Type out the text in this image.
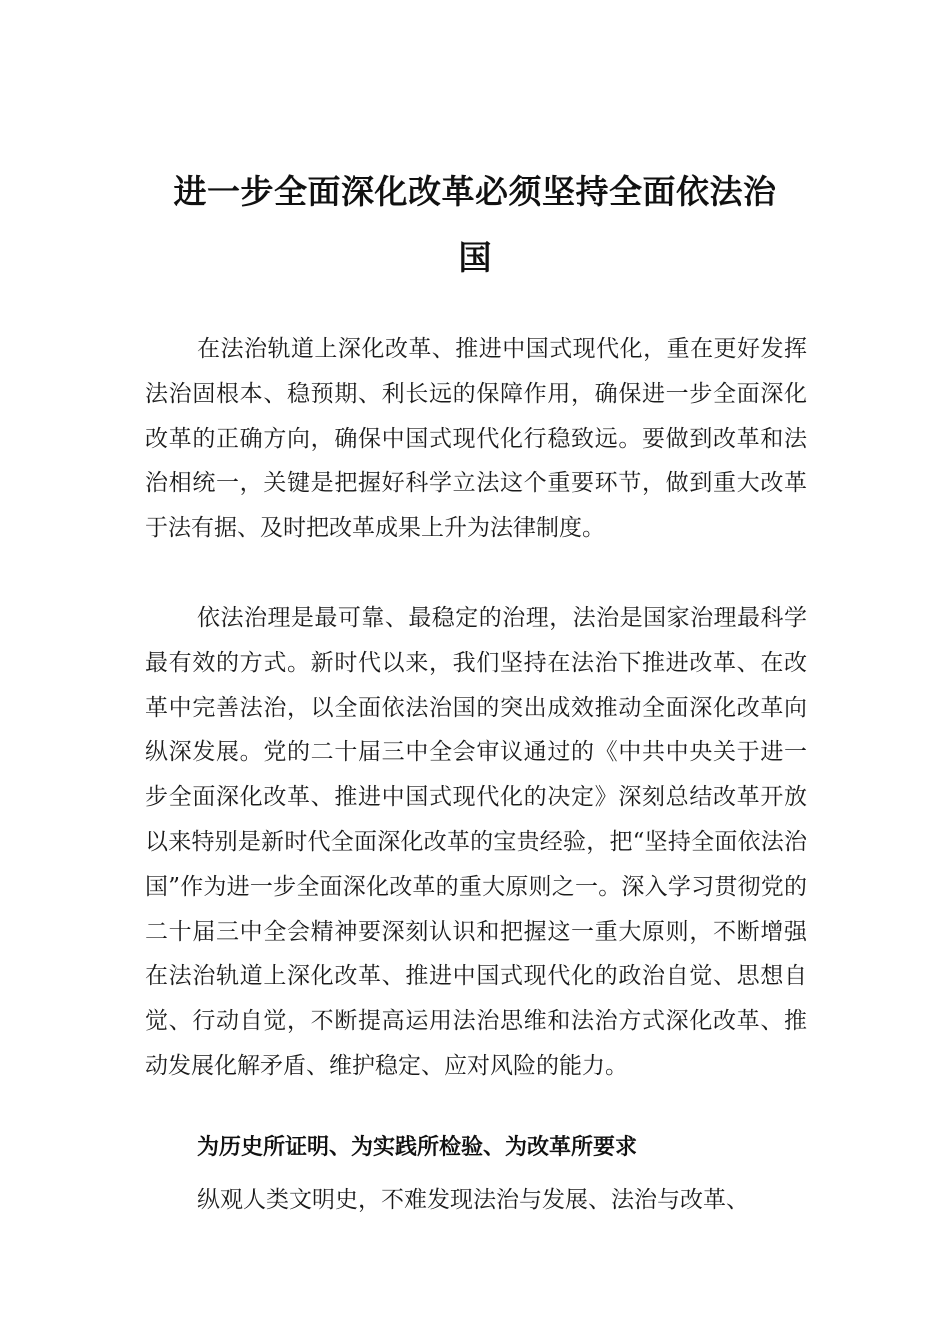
进一步全面深化改革必须坚持全面依法治
国

在法治轨道上深化改革、推进中国式现代化，重在更好发挥法治固根本、稳预期、利长远的保障作用，确保进一步全面深化改革的正确方向，确保中国式现代化行稳致远。要做到改革和法治相统一，关键是把握好科学立法这个重要环节，做到重大改革于法有据、及时把改革成果上升为法律制度。

依法治理是最可靠、最稳定的治理，法治是国家治理最科学最有效的方式。新时代以来，我们坚持在法治下推进改革、在改革中完善法治，以全面依法治国的突出成效推动全面深化改革向纵深发展。党的二十届三中全会审议通过的《中共中央关于进一步全面深化改革、推进中国式现代化的决定》深刻总结改革开放以来特别是新时代全面深化改革的宝贵经验，把“坚持全面依法治国”作为进一步全面深化改革的重大原则之一。深入学习贯彻党的二十届三中全会精神要深刻认识和把握这一重大原则，不断增强在法治轨道上深化改革、推进中国式现代化的政治自觉、思想自觉、行动自觉，不断提高运用法治思维和法治方式深化改革、推动发展化解矛盾、维护稳定、应对风险的能力。

为历史所证明、为实践所检验、为改革所要求

纵观人类文明史，不难发现法治与发展、法治与改革、
